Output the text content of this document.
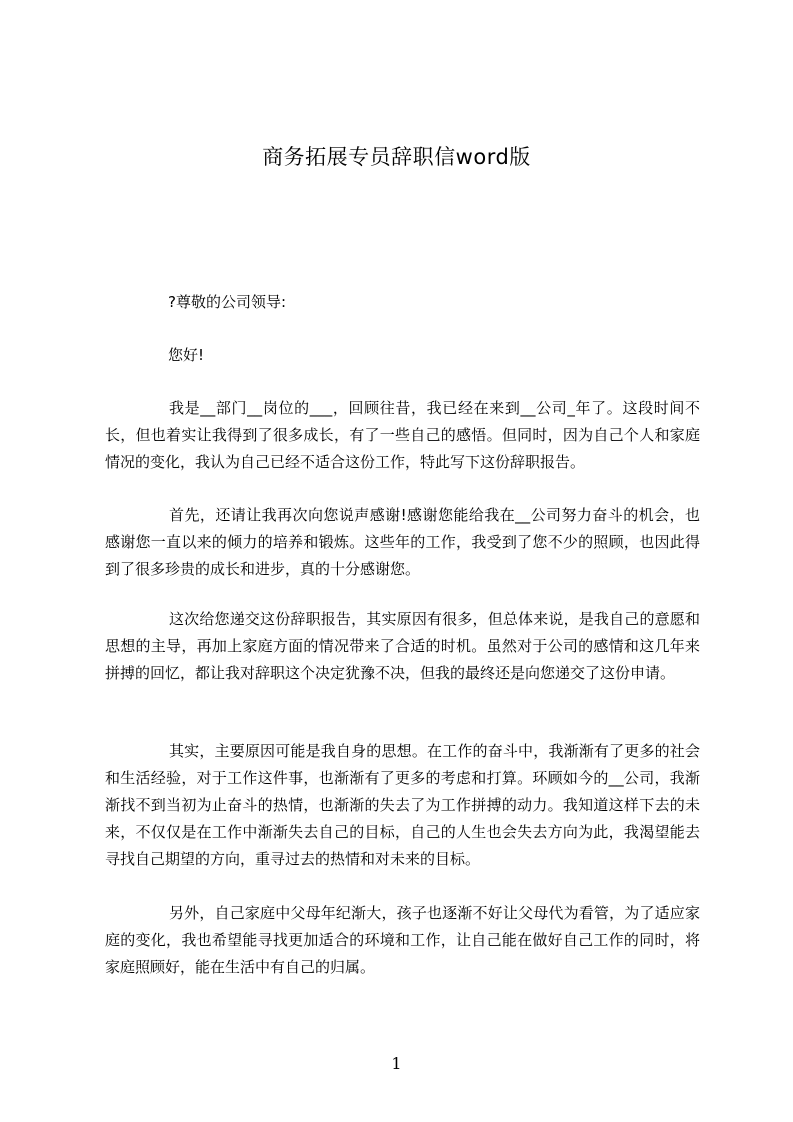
商务拓展专员辞职信word版
?尊敬的公司领导:
您好!

我是__部门__岗位的___，回顾往昔，我已经在来到__公司_年了。这段时间不长，但也着实让我得到了很多成长，有了一些自己的感悟。但同时，因为自己个人和家庭情况的变化，我认为自己已经不适合这份工作，特此写下这份辞职报告。

首先，还请让我再次向您说声感谢!感谢您能给我在__公司努力奋斗的机会，也感谢您一直以来的倾力的培养和锻炼。这些年的工作，我受到了您不少的照顾，也因此得到了很多珍贵的成长和进步，真的十分感谢您。

这次给您递交这份辞职报告，其实原因有很多，但总体来说，是我自己的意愿和思想的主导，再加上家庭方面的情况带来了合适的时机。虽然对于公司的感情和这几年来拼搏的回忆，都让我对辞职这个决定犹豫不决，但我的最终还是向您递交了这份申请。

其实，主要原因可能是我自身的思想。在工作的奋斗中，我渐渐有了更多的社会和生活经验，对于工作这件事，也渐渐有了更多的考虑和打算。环顾如今的__公司，我渐渐找不到当初为止奋斗的热情，也渐渐的失去了为工作拼搏的动力。我知道这样下去的未来，不仅仅是在工作中渐渐失去自己的目标，自己的人生也会失去方向为此，我渴望能去寻找自己期望的方向，重寻过去的热情和对未来的目标。

另外，自己家庭中父母年纪渐大，孩子也逐渐不好让父母代为看管，为了适应家庭的变化，我也希望能寻找更加适合的环境和工作，让自己能在做好自己工作的同时，将家庭照顾好，能在生活中有自己的归属。

1
